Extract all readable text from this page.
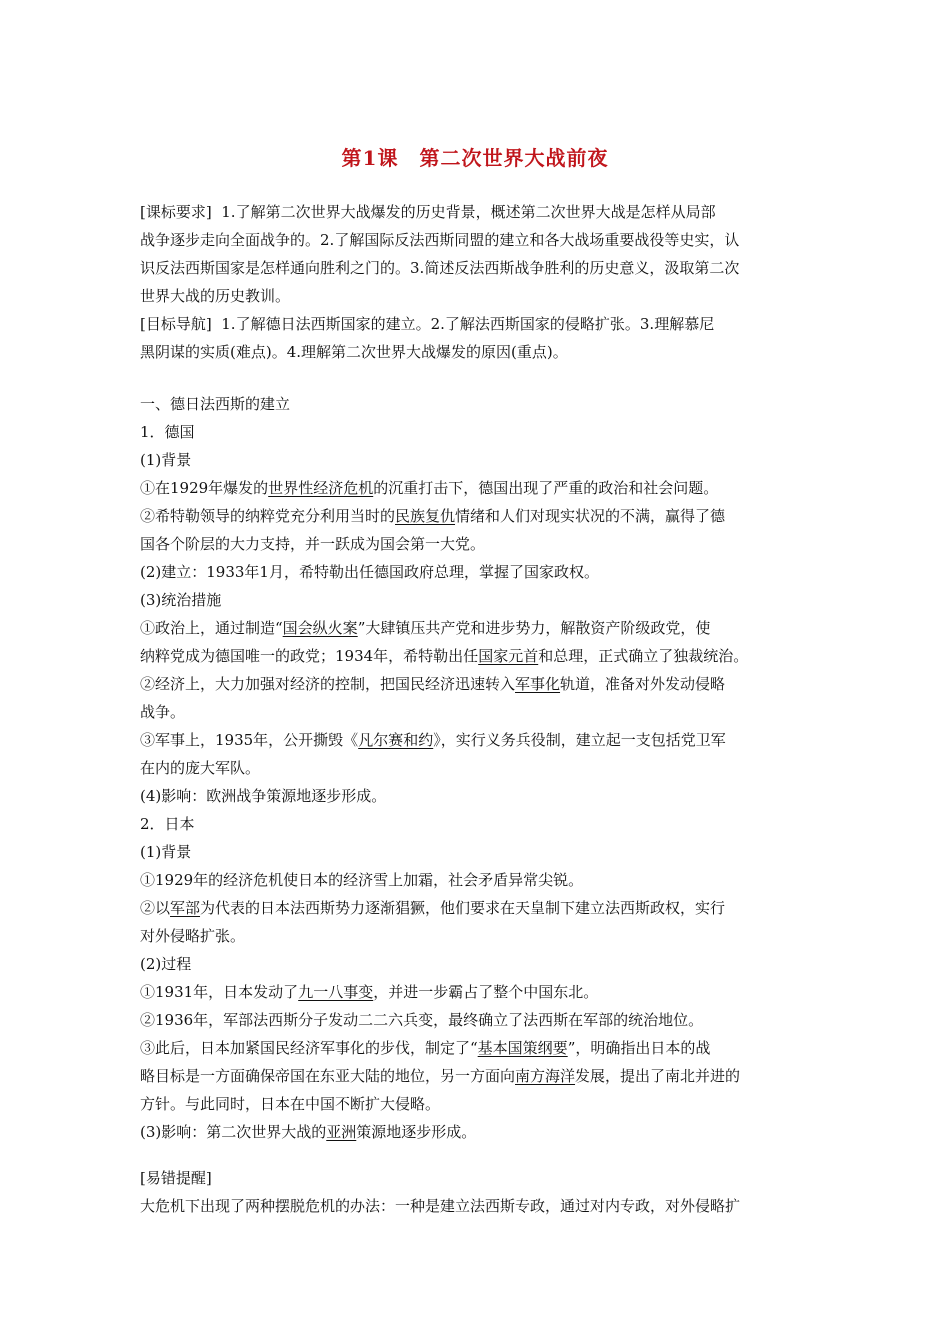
第1课　第二次世界大战前夜

[课标要求] 1.了解第二次世界大战爆发的历史背景，概述第二次世界大战是怎样从局部

战争逐步走向全面战争的。2.了解国际反法西斯同盟的建立和各大战场重要战役等史实，认

识反法西斯国家是怎样通向胜利之门的。3.简述反法西斯战争胜利的历史意义，汲取第二次

世界大战的历史教训。

[目标导航] 1.了解德日法西斯国家的建立。2.了解法西斯国家的侵略扩张。3.理解慕尼

黑阴谋的实质(难点)。4.理解第二次世界大战爆发的原因(重点)。

一、德日法西斯的建立

1．德国

(1)背景

①在1929年爆发的世界性经济危机的沉重打击下，德国出现了严重的政治和社会问题。

②希特勒领导的纳粹党充分利用当时的民族复仇情绪和人们对现实状况的不满，赢得了德

国各个阶层的大力支持，并一跃成为国会第一大党。

(2)建立：1933年1月，希特勒出任德国政府总理，掌握了国家政权。

(3)统治措施

①政治上，通过制造“国会纵火案”大肆镇压共产党和进步势力，解散资产阶级政党，使

纳粹党成为德国唯一的政党；1934年，希特勒出任国家元首和总理，正式确立了独裁统治。

②经济上，大力加强对经济的控制，把国民经济迅速转入军事化轨道，准备对外发动侵略

战争。

③军事上，1935年，公开撕毁《凡尔赛和约》，实行义务兵役制，建立起一支包括党卫军

在内的庞大军队。

(4)影响：欧洲战争策源地逐步形成。

2．日本

(1)背景

①1929年的经济危机使日本的经济雪上加霜，社会矛盾异常尖锐。

②以军部为代表的日本法西斯势力逐渐猖獗，他们要求在天皇制下建立法西斯政权，实行

对外侵略扩张。

(2)过程

①1931年，日本发动了九一八事变，并进一步霸占了整个中国东北。

②1936年，军部法西斯分子发动二二六兵变，最终确立了法西斯在军部的统治地位。

③此后，日本加紧国民经济军事化的步伐，制定了“基本国策纲要”，明确指出日本的战

略目标是一方面确保帝国在东亚大陆的地位，另一方面向南方海洋发展，提出了南北并进的

方针。与此同时，日本在中国不断扩大侵略。

(3)影响：第二次世界大战的亚洲策源地逐步形成。

[易错提醒]

大危机下出现了两种摆脱危机的办法：一种是建立法西斯专政，通过对内专政，对外侵略扩
